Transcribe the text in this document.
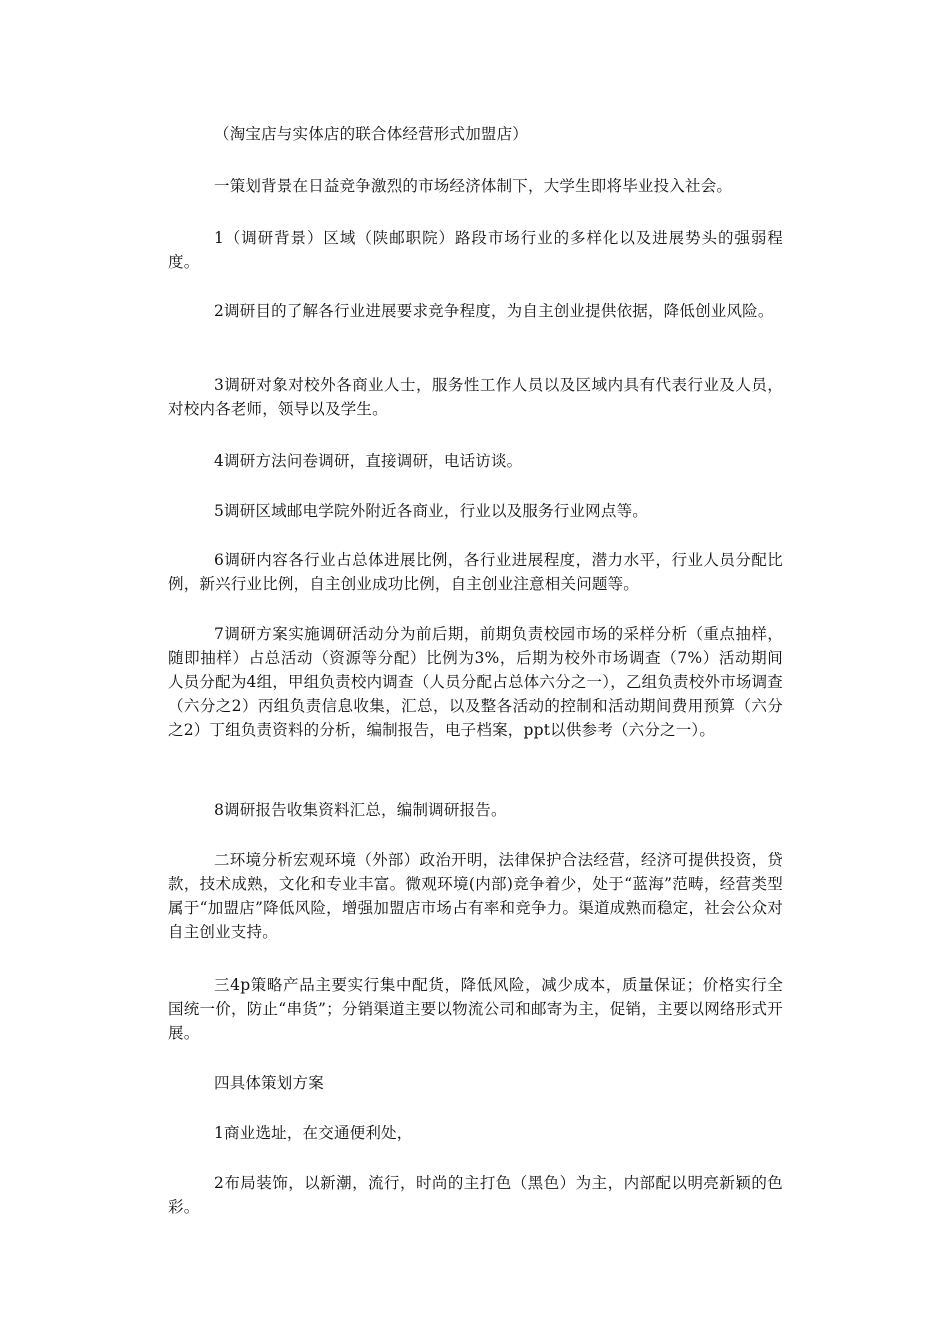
（淘宝店与实体店的联合体经营形式加盟店）

一策划背景在日益竞争激烈的市场经济体制下，大学生即将毕业投入社会。

1（调研背景）区域（陕邮职院）路段市场行业的多样化以及进展势头的强弱程度。

2调研目的了解各行业进展要求竞争程度，为自主创业提供依据，降低创业风险。

3调研对象对校外各商业人士，服务性工作人员以及区域内具有代表行业及人员，对校内各老师，领导以及学生。

4调研方法问卷调研，直接调研，电话访谈。

5调研区域邮电学院外附近各商业，行业以及服务行业网点等。

6调研内容各行业占总体进展比例，各行业进展程度，潜力水平，行业人员分配比例，新兴行业比例，自主创业成功比例，自主创业注意相关问题等。

7调研方案实施调研活动分为前后期，前期负责校园市场的采样分析（重点抽样，随即抽样）占总活动（资源等分配）比例为3%，后期为校外市场调查（7%）活动期间人员分配为4组，甲组负责校内调查（人员分配占总体六分之一），乙组负责校外市场调查（六分之2）丙组负责信息收集，汇总，以及整各活动的控制和活动期间费用预算（六分之2）丁组负责资料的分析，编制报告，电子档案，ppt以供参考（六分之一）。

8调研报告收集资料汇总，编制调研报告。

二环境分析宏观环境（外部）政治开明，法律保护合法经营，经济可提供投资，贷款，技术成熟，文化和专业丰富。微观环境(内部)竞争着少，处于“蓝海”范畴，经营类型属于“加盟店”降低风险，增强加盟店市场占有率和竞争力。渠道成熟而稳定，社会公众对自主创业支持。

三4p策略产品主要实行集中配货，降低风险，减少成本，质量保证；价格实行全国统一价，防止“串货”；分销渠道主要以物流公司和邮寄为主，促销，主要以网络形式开展。

四具体策划方案

1商业选址，在交通便利处，

2布局装饰，以新潮，流行，时尚的主打色（黑色）为主，内部配以明亮新颖的色彩。
